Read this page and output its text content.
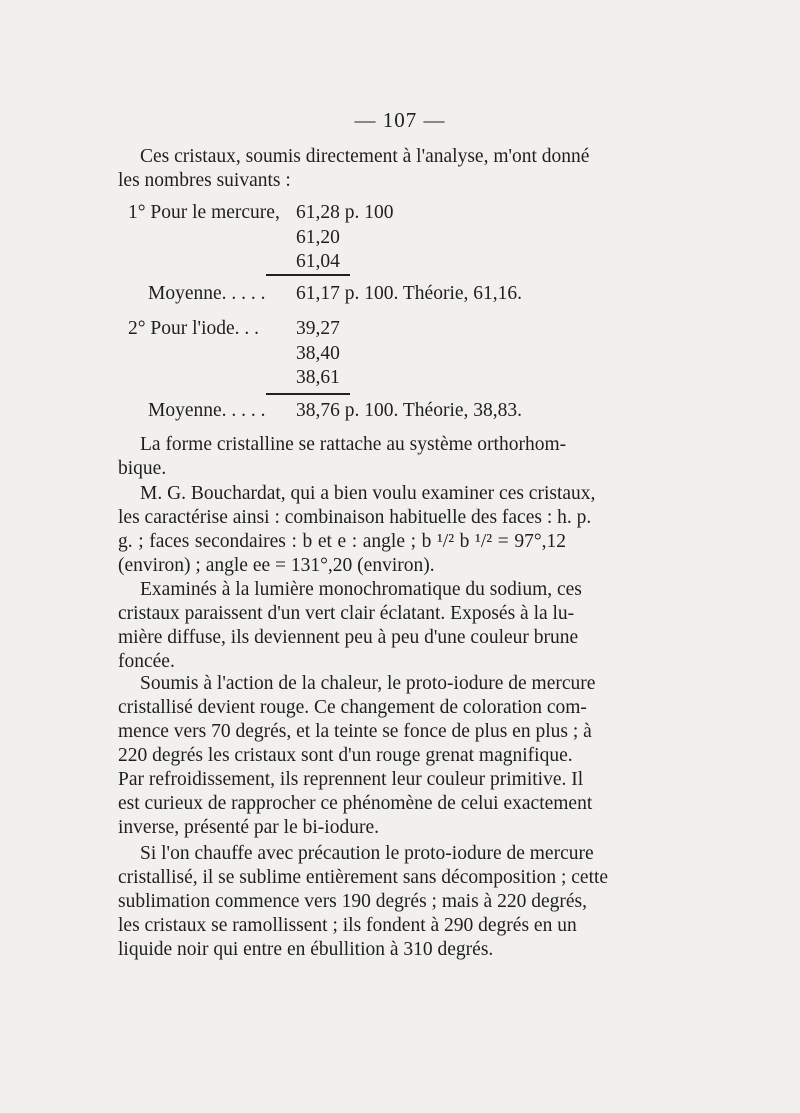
— 107 —
Ces cristaux, soumis directement à l'analyse, m'ont donné
les nombres suivants :
1° Pour le mercure, 61,28 p. 100
61,20
61,04
Moyenne. . . . . 61,17 p. 100. Théorie, 61,16.
2° Pour l'iode. . . 39,27
38,40
38,61
Moyenne. . . . . 38,76 p. 100. Théorie, 38,83.
La forme cristalline se rattache au système orthorhom-
bique.
M. G. Bouchardat, qui a bien voulu examiner ces cristaux,
les caractérise ainsi : combinaison habituelle des faces : h. p.
g. ; faces secondaires : b et e : angle ; b ¹/² b ¹/² = 97°,12
(environ) ; angle ee = 131°,20 (environ).
Examinés à la lumière monochromatique du sodium, ces
cristaux paraissent d'un vert clair éclatant. Exposés à la lu-
mière diffuse, ils deviennent peu à peu d'une couleur brune
foncée.
Soumis à l'action de la chaleur, le proto-iodure de mercure
cristallisé devient rouge. Ce changement de coloration com-
mence vers 70 degrés, et la teinte se fonce de plus en plus ; à
220 degrés les cristaux sont d'un rouge grenat magnifique.
Par refroidissement, ils reprennent leur couleur primitive. Il
est curieux de rapprocher ce phénomène de celui exactement
inverse, présenté par le bi-iodure.
Si l'on chauffe avec précaution le proto-iodure de mercure
cristallisé, il se sublime entièrement sans décomposition ; cette
sublimation commence vers 190 degrés ; mais à 220 degrés,
les cristaux se ramollissent ; ils fondent à 290 degrés en un
liquide noir qui entre en ébullition à 310 degrés.
